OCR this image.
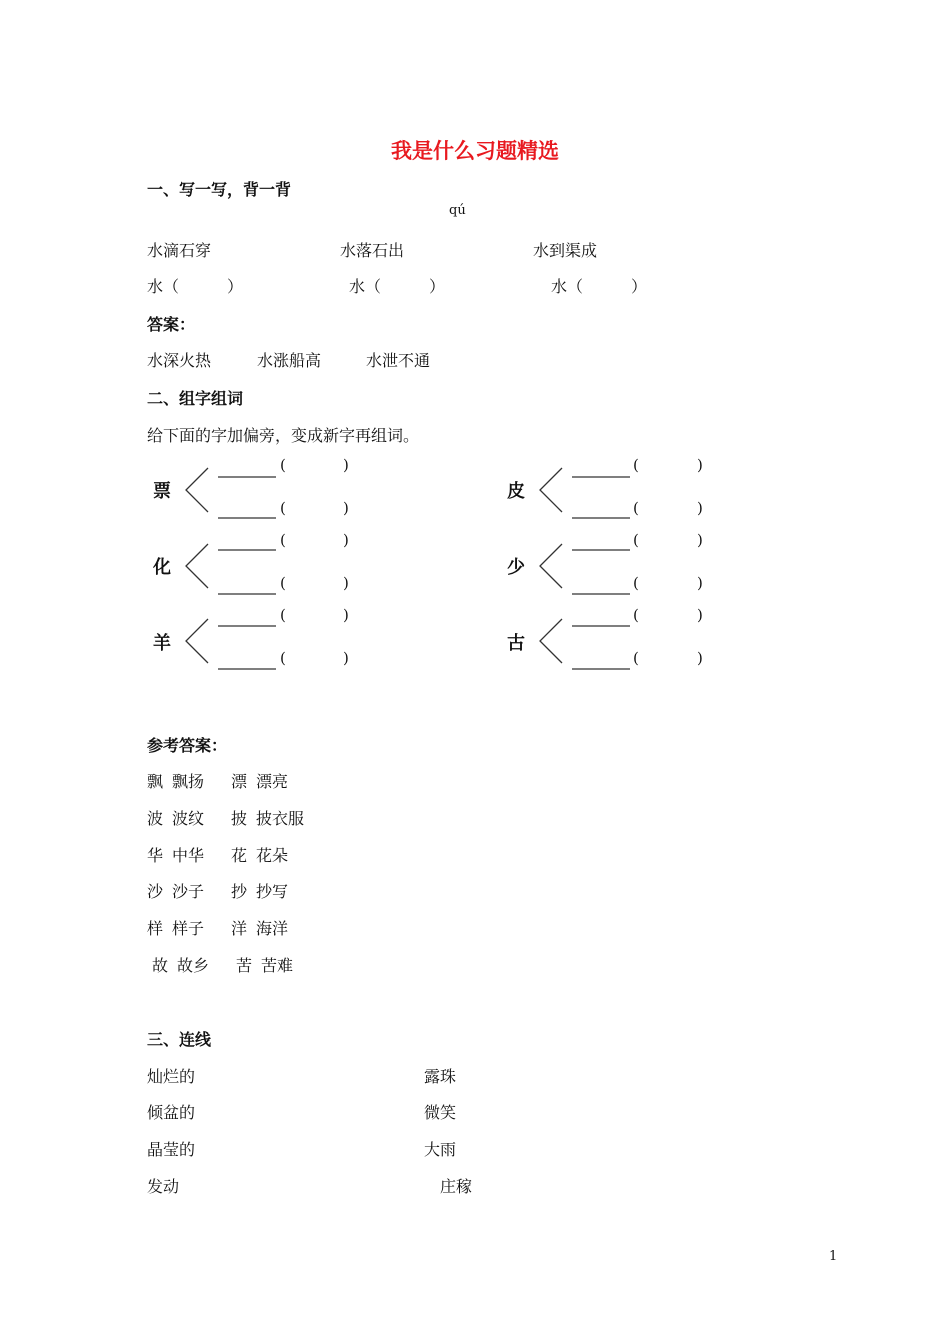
我是什么习题精选
一、写一写，背一背
qú
水滴石穿	水落石出	水到渠成
水（　　　）	水（　　　）	水（　　　）
答案：
水深火热	水涨船高	水泄不通
二、组字组词
给下面的字加偏旁，变成新字再组词。
票
(	)
(	)
化
(	)
(	)
羊
(	)
(	)
皮
(	)
(	)
少
(	)
(	)
古
(	)
(	)
参考答案：
飘 飘扬 漂 漂亮
波 波纹 披 披衣服
华 中华 花 花朵
沙 沙子 抄 抄写
样 样子 洋 海洋
故 故乡 苦 苦难
三、连线
灿烂的	露珠
倾盆的	微笑
晶莹的	大雨
发动	庄稼
1
